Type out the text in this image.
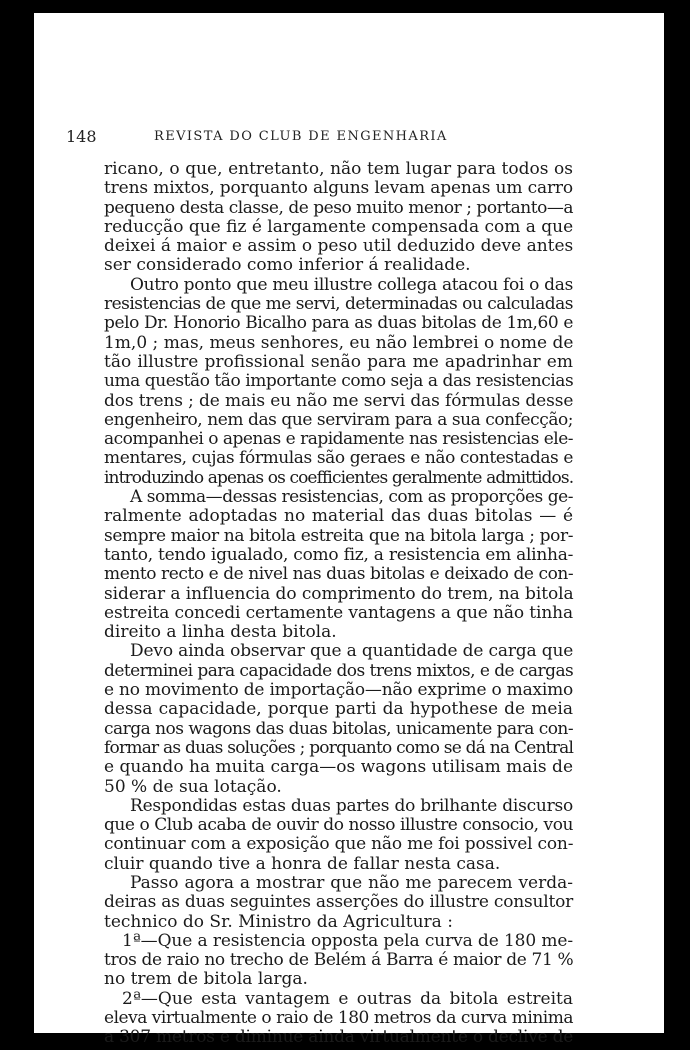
148	REVISTA DO CLUB DE ENGENHARIA
ricano, o que, entretanto, não tem lugar para todos os
trens mixtos, porquanto alguns levam apenas um carro
pequeno desta classe, de peso muito menor ; portanto—a
reducção que fiz é largamente compensada com a que
deixei á maior e assim o peso util deduzido deve antes
ser considerado como inferior á realidade.
Outro ponto que meu illustre collega atacou foi o das
resistencias de que me servi, determinadas ou calculadas
pelo Dr. Honorio Bicalho para as duas bitolas de 1m,60 e
1m,0 ; mas, meus senhores, eu não lembrei o nome de
tão illustre profissional senão para me apadrinhar em
uma questão tão importante como seja a das resistencias
dos trens ; de mais eu não me servi das fórmulas desse
engenheiro, nem das que serviram para a sua confecção;
acompanhei o apenas e rapidamente nas resistencias ele-
mentares, cujas fórmulas são geraes e não contestadas e
introduzindo apenas os coefficientes geralmente admittidos.
A somma—dessas resistencias, com as proporções ge-
ralmente adoptadas no material das duas bitolas — é
sempre maior na bitola estreita que na bitola larga ; por-
tanto, tendo igualado, como fiz, a resistencia em alinha-
mento recto e de nivel nas duas bitolas e deixado de con-
siderar a influencia do comprimento do trem, na bitola
estreita concedi certamente vantagens a que não tinha
direito a linha desta bitola.
Devo ainda observar que a quantidade de carga que
determinei para capacidade dos trens mixtos, e de cargas
e no movimento de importação—não exprime o maximo
dessa capacidade, porque parti da hypothese de meia
carga nos wagons das duas bitolas, unicamente para con-
formar as duas soluções ; porquanto como se dá na Central
e quando ha muita carga—os wagons utilisam mais de
50 % de sua lotação.
Respondidas estas duas partes do brilhante discurso
que o Club acaba de ouvir do nosso illustre consocio, vou
continuar com a exposição que não me foi possivel con-
cluir quando tive a honra de fallar nesta casa.
Passo agora a mostrar que não me parecem verda-
deiras as duas seguintes asserções do illustre consultor
technico do Sr. Ministro da Agricultura :
1ª—Que a resistencia opposta pela curva de 180 me-
tros de raio no trecho de Belém á Barra é maior de 71 %
no trem de bitola larga.
2ª—Que esta vantagem e outras da bitola estreita
eleva virtualmente o raio de 180 metros da curva minima
a 307 metros e diminue ainda virtualmente o declive de
